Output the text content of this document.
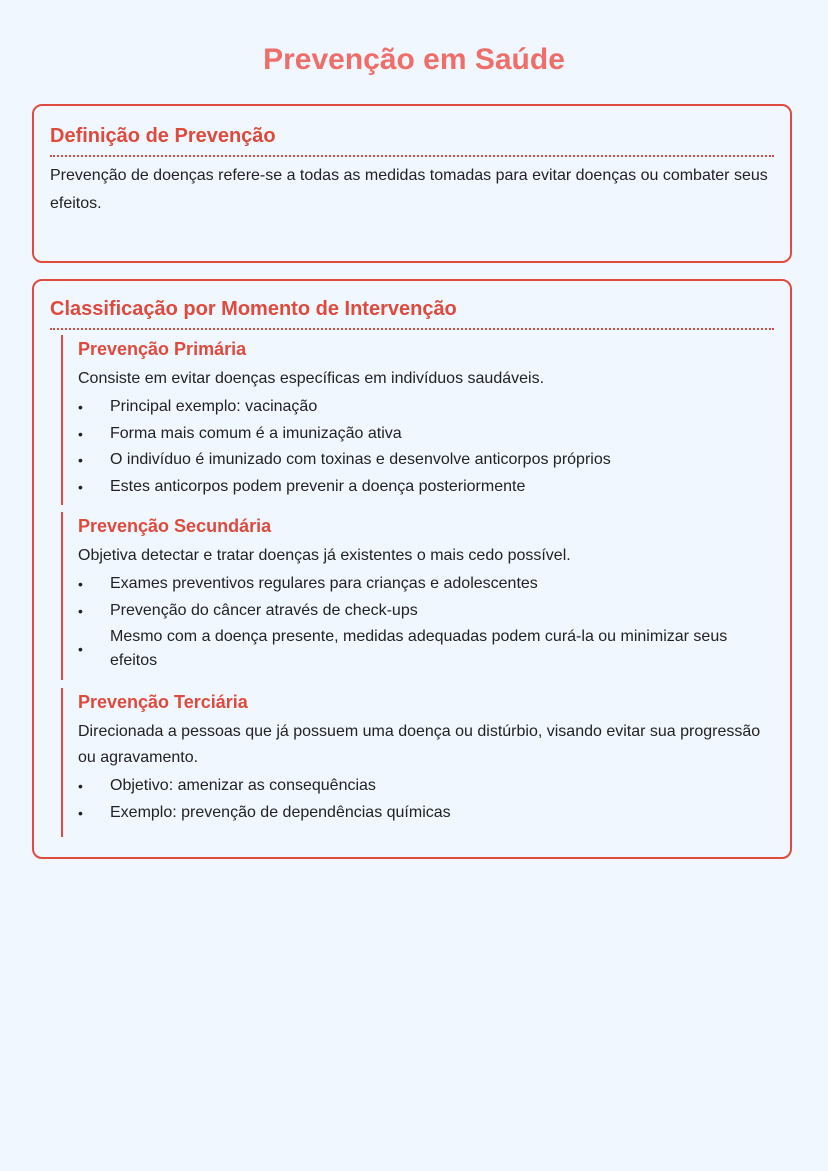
Prevenção em Saúde
Definição de Prevenção

Prevenção de doenças refere-se a todas as medidas tomadas para evitar doenças ou combater seus efeitos.

Classificação por Momento de Intervenção
Prevenção Primária

Consiste em evitar doenças específicas em indivíduos saudáveis.

•	Principal exemplo: vacinação
•	Forma mais comum é a imunização ativa
•	O indivíduo é imunizado com toxinas e desenvolve anticorpos próprios
•	Estes anticorpos podem prevenir a doença posteriormente
Prevenção Secundária

Objetiva detectar e tratar doenças já existentes o mais cedo possível.

•	Exames preventivos regulares para crianças e adolescentes
•	Prevenção do câncer através de check-ups
•
Mesmo com a doença presente, medidas adequadas podem curá-la ou minimizar seus efeitos
Prevenção Terciária

Direcionada a pessoas que já possuem uma doença ou distúrbio, visando evitar sua progressão ou agravamento.

•	Objetivo: amenizar as consequências
•	Exemplo: prevenção de dependências químicas
